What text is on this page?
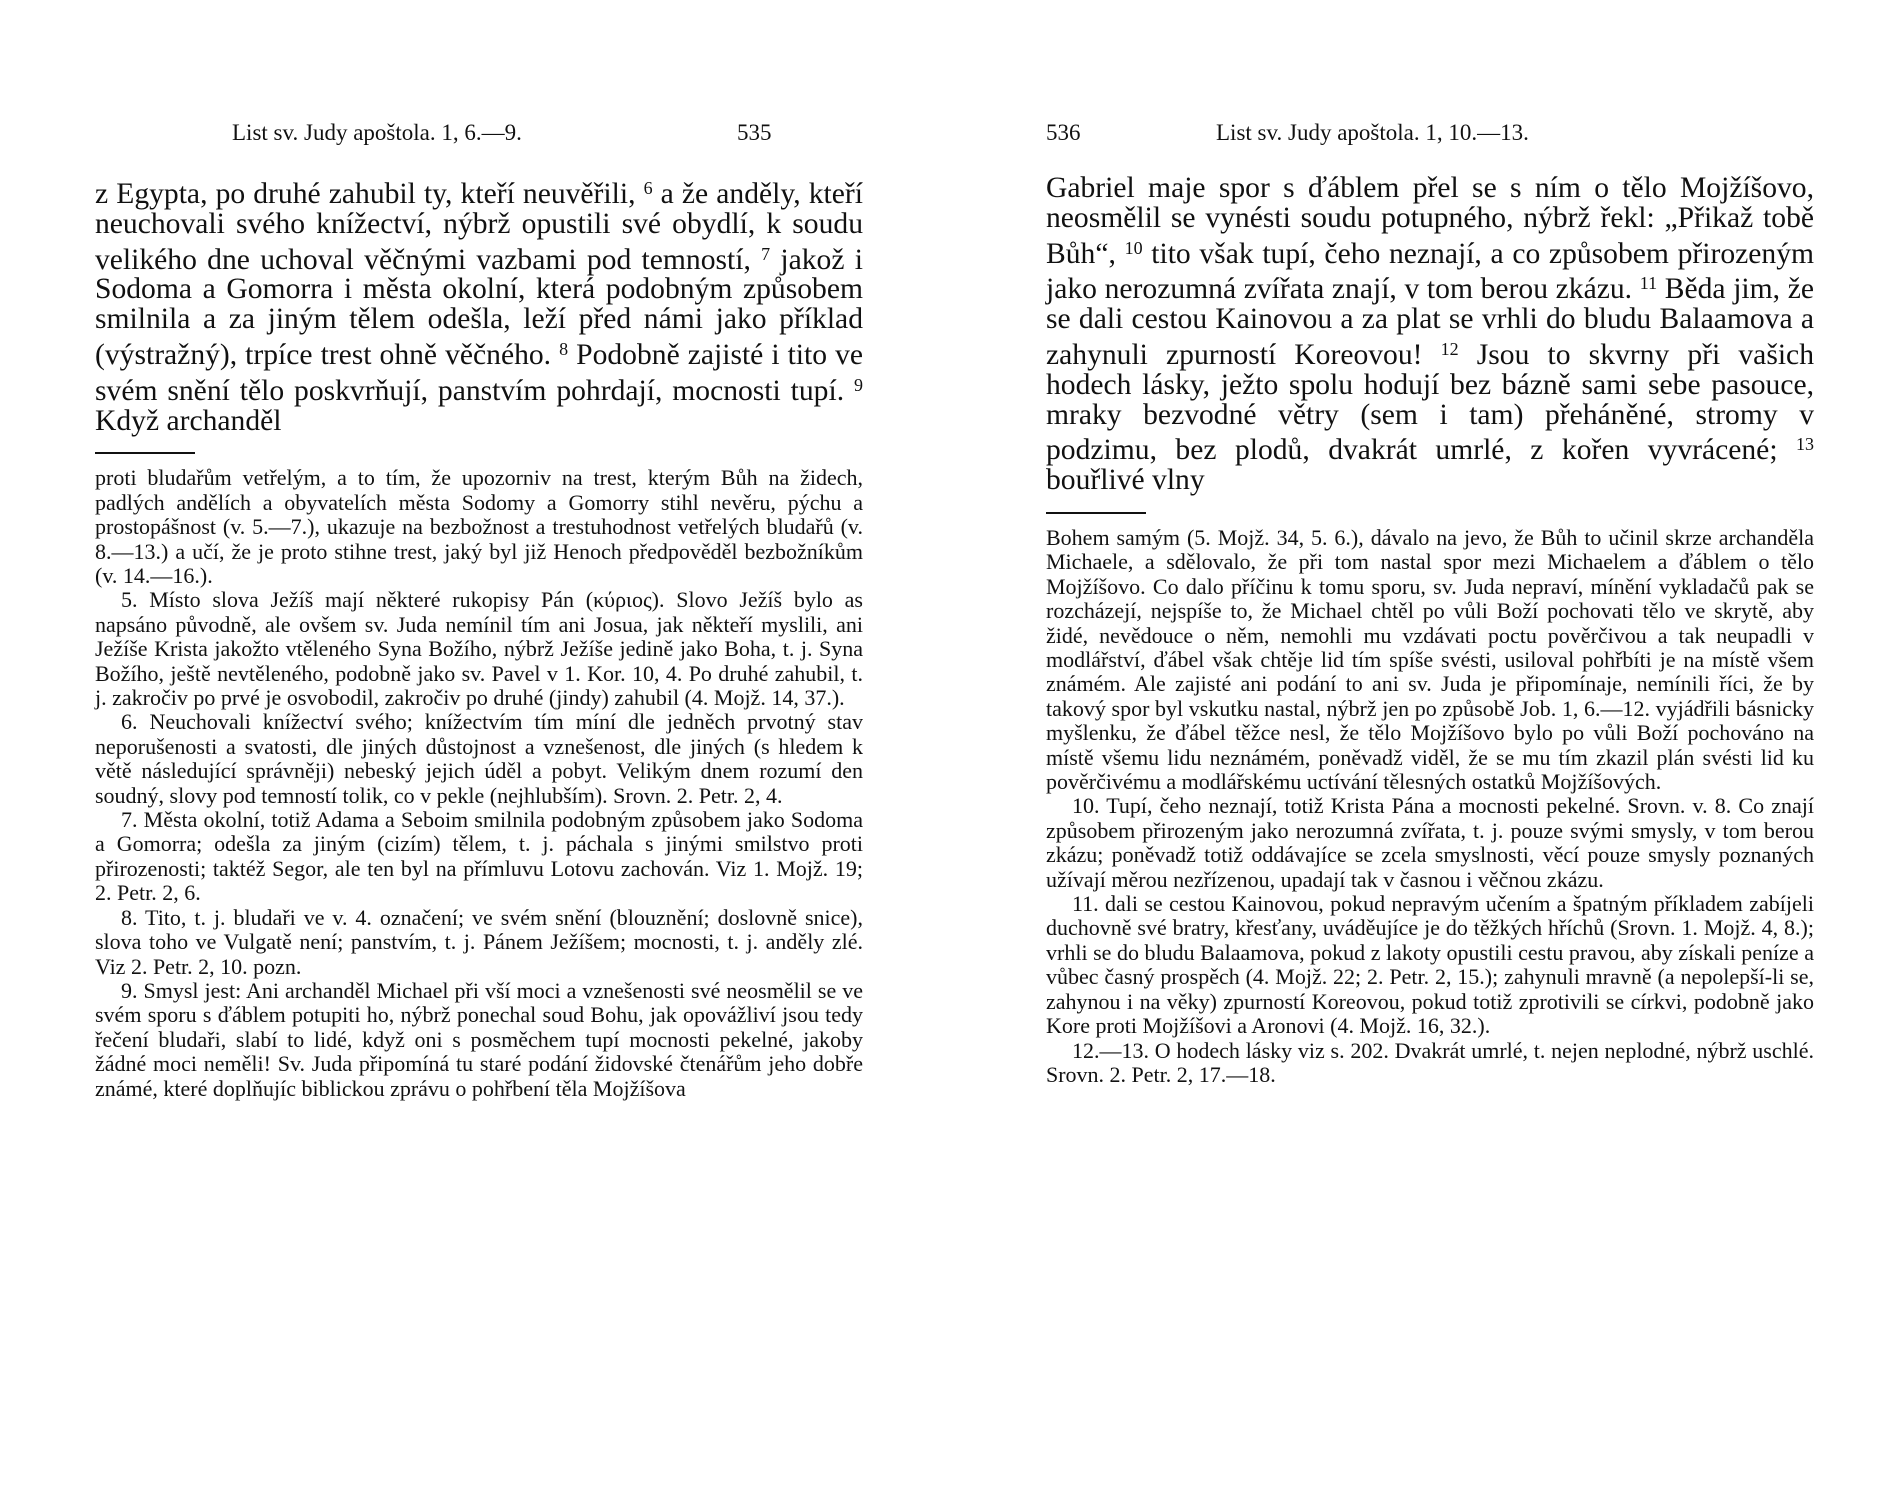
List sv. Judy apoštola. 1, 6.—9.	535
z Egypta, po druhé zahubil ty, kteří neuvěřili, $^6$ a že anděly, kteří neuchovali svého knížectví, nýbrž opustili své obydlí, k soudu velikého dne uchoval věčnými vazbami pod temností, $^7$ jakož i Sodoma a Gomorra i města okolní, která podobným způsobem smilnila a za jiným tělem odešla, leží před námi jako příklad (výstražný), trpíce trest ohně věčného. $^8$ Podobně zajisté i tito ve svém snění tělo poskvrňují, panstvím pohrdají, mocnosti tupí. $^9$ Když archanděl

proti bludařům vetřelým, a to tím, že upozorniv na trest, kterým Bůh na židech, padlých andělích a obyvatelích města Sodomy a Gomorry stihl nevěru, pýchu a prostopášnost (v. 5.—7.), ukazuje na bezbožnost a trestuhodnost vetřelých bludařů (v. 8.—13.) a učí, že je proto stihne trest, jaký byl již Henoch předpověděl bezbožníkům (v. 14.—16.).

5. Místo slova Ježíš mají některé rukopisy Pán (κύριος). Slovo Ježíš bylo as napsáno původně, ale ovšem sv. Juda nemínil tím ani Josua, jak někteří myslili, ani Ježíše Krista jakožto vtěleného Syna Božího, nýbrž Ježíše jedině jako Boha, t. j. Syna Božího, ještě nevtěleného, podobně jako sv. Pavel v 1. Kor. 10, 4. Po druhé zahubil, t. j. zakročiv po prvé je osvobodil, zakročiv po druhé (jindy) zahubil (4. Mojž. 14, 37.).

6. Neuchovali knížectví svého; knížectvím tím míní dle jedněch prvotný stav neporušenosti a svatosti, dle jiných důstojnost a vznešenost, dle jiných (s hledem k větě následující správněji) nebeský jejich úděl a pobyt. Velikým dnem rozumí den soudný, slovy pod temností tolik, co v pekle (nejhlubším). Srovn. 2. Petr. 2, 4.

7. Města okolní, totiž Adama a Seboim smilnila podobným způsobem jako Sodoma a Gomorra; odešla za jiným (cizím) tělem, t. j. páchala s jinými smilstvo proti přirozenosti; taktéž Segor, ale ten byl na přímluvu Lotovu zachován. Viz 1. Mojž. 19; 2. Petr. 2, 6.

8. Tito, t. j. bludaři ve v. 4. označení; ve svém snění (blouznění; doslovně snice), slova toho ve Vulgatě není; panstvím, t. j. Pánem Ježíšem; mocnosti, t. j. anděly zlé. Viz 2. Petr. 2, 10. pozn.

9. Smysl jest: Ani archanděl Michael při vší moci a vznešenosti své neosmělil se ve svém sporu s ďáblem potupiti ho, nýbrž ponechal soud Bohu, jak opovážliví jsou tedy řečení bludaři, slabí to lidé, když oni s posměchem tupí mocnosti pekelné, jakoby žádné moci neměli! Sv. Juda připomíná tu staré podání židovské čtenářům jeho dobře známé, které doplňujíc biblickou zprávu o pohřbení těla Mojžíšova

536	List sv. Judy apoštola. 1, 10.—13.
Gabriel maje spor s ďáblem přel se s ním o tělo Mojžíšovo, neosmělil se vynésti soudu potupného, nýbrž řekl: „Přikaž tobě Bůh“, $^{10}$ tito však tupí, čeho neznají, a co způsobem přirozeným jako nerozumná zvířata znají, v tom berou zkázu. $^{11}$ Běda jim, že se dali cestou Kainovou a za plat se vrhli do bludu Balaamova a zahynuli zpurností Koreovou! $^{12}$ Jsou to skvrny při vašich hodech lásky, ježto spolu hodují bez bázně sami sebe pasouce, mraky bezvodné větry (sem i tam) přeháněné, stromy v podzimu, bez plodů, dvakrát umrlé, z kořen vyvrácené; $^{13}$ bouřlivé vlny

Bohem samým (5. Mojž. 34, 5. 6.), dávalo na jevo, že Bůh to učinil skrze archanděla Michaele, a sdělovalo, že při tom nastal spor mezi Michaelem a ďáblem o tělo Mojžíšovo. Co dalo příčinu k tomu sporu, sv. Juda nepraví, mínění vykladačů pak se rozcházejí, nejspíše to, že Michael chtěl po vůli Boží pochovati tělo ve skrytě, aby židé, nevědouce o něm, nemohli mu vzdávati poctu pověrčivou a tak neupadli v modlářství, ďábel však chtěje lid tím spíše svésti, usiloval pohřbíti je na místě všem známém. Ale zajisté ani podání to ani sv. Juda je připomínaje, nemínili říci, že by takový spor byl vskutku nastal, nýbrž jen po způsobě Job. 1, 6.—12. vyjádřili básnicky myšlenku, že ďábel těžce nesl, že tělo Mojžíšovo bylo po vůli Boží pochováno na místě všemu lidu neznámém, poněvadž viděl, že se mu tím zkazil plán svésti lid ku pověrčivému a modlářskému uctívání tělesných ostatků Mojžíšových.

10. Tupí, čeho neznají, totiž Krista Pána a mocnosti pekelné. Srovn. v. 8. Co znají způsobem přirozeným jako nerozumná zvířata, t. j. pouze svými smysly, v tom berou zkázu; poněvadž totiž oddávajíce se zcela smyslnosti, věcí pouze smysly poznaných užívají měrou nezřízenou, upadají tak v časnou i věčnou zkázu.

11. dali se cestou Kainovou, pokud nepravým učením a špatným příkladem zabíjeli duchovně své bratry, křesťany, uváděujíce je do těžkých hříchů (Srovn. 1. Mojž. 4, 8.); vrhli se do bludu Balaamova, pokud z lakoty opustili cestu pravou, aby získali peníze a vůbec časný prospěch (4. Mojž. 22; 2. Petr. 2, 15.); zahynuli mravně (a nepolepší-li se, zahynou i na věky) zpurností Koreovou, pokud totiž zprotivili se církvi, podobně jako Kore proti Mojžíšovi a Aronovi (4. Mojž. 16, 32.).

12.—13. O hodech lásky viz s. 202. Dvakrát umrlé, t. nejen neplodné, nýbrž uschlé. Srovn. 2. Petr. 2, 17.—18.
